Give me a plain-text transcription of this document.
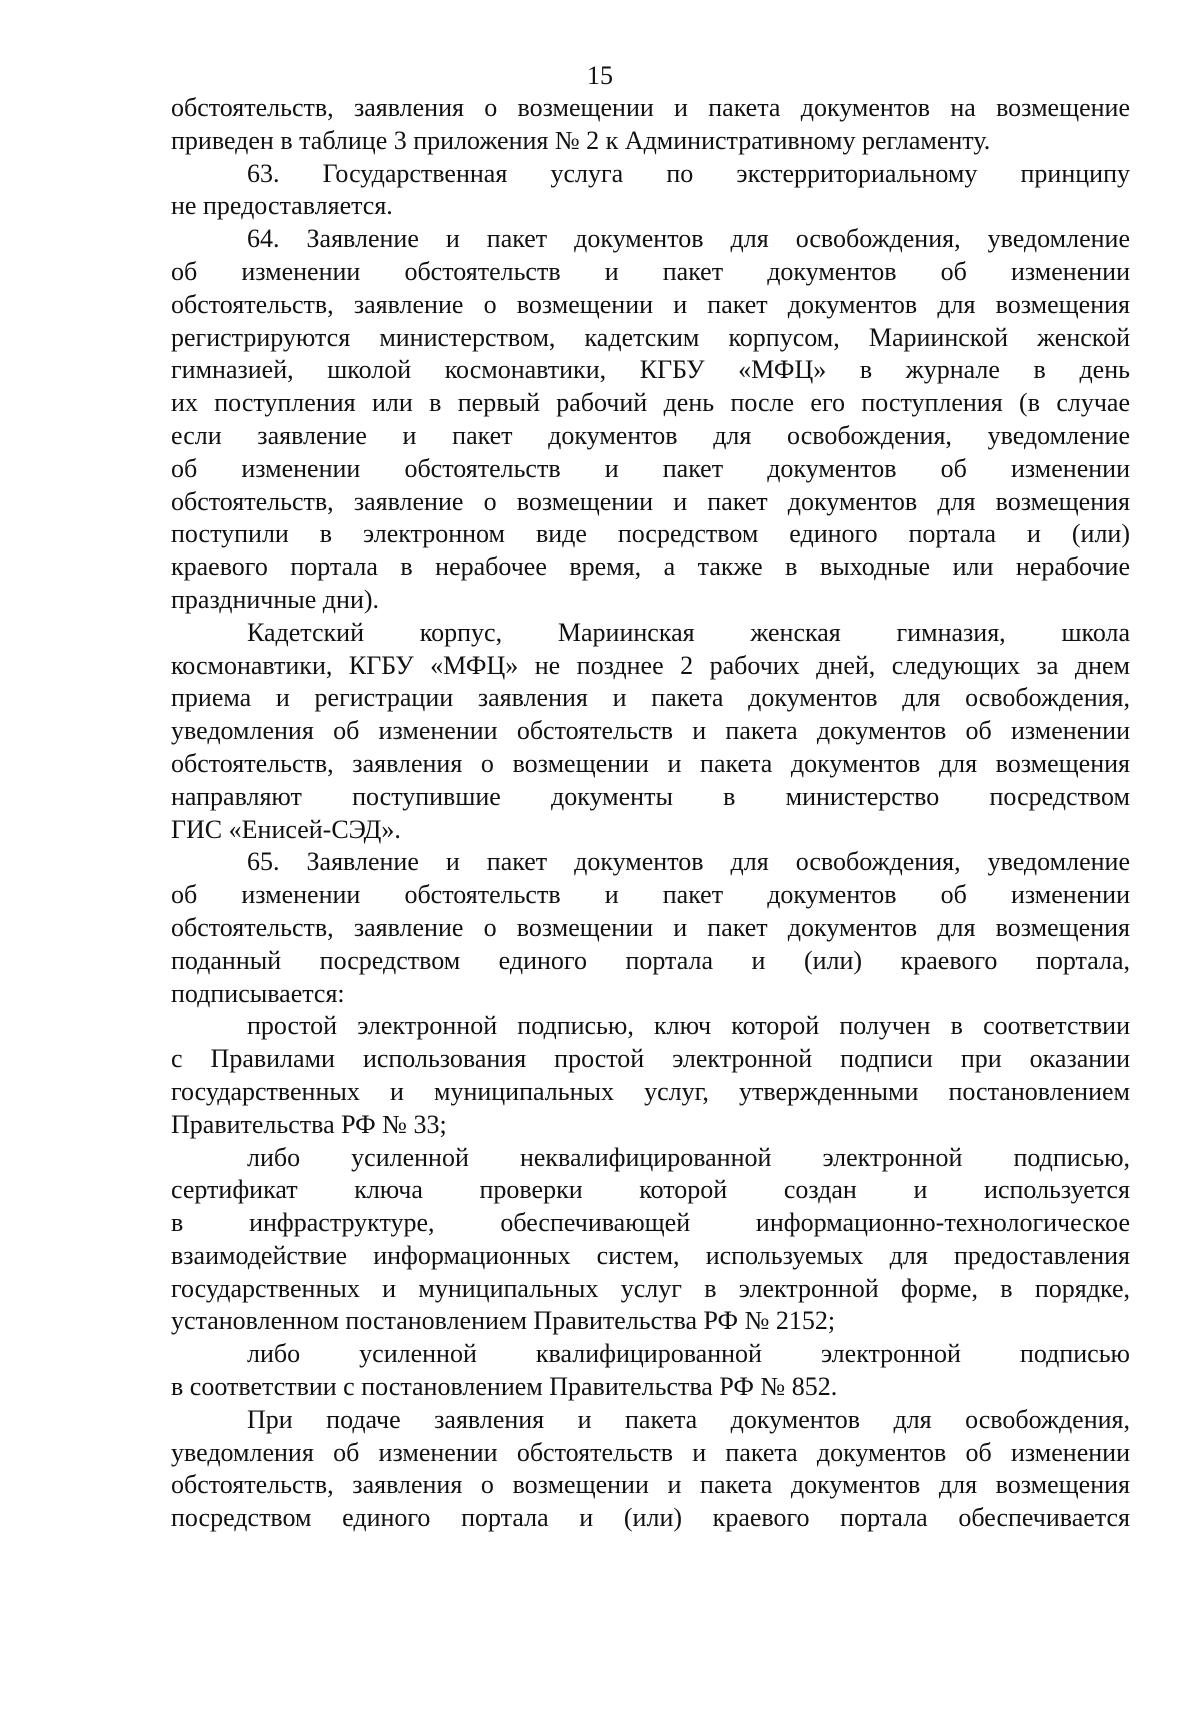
15
обстоятельств, заявления о возмещении и пакета документов на возмещение
приведен в таблице 3 приложения № 2 к Административному регламенту.
63. Государственная услуга по экстерриториальному принципу
не предоставляется.
64. Заявление и пакет документов для освобождения, уведомление
об изменении обстоятельств и пакет документов об изменении
обстоятельств, заявление о возмещении и пакет документов для возмещения
регистрируются министерством, кадетским корпусом, Мариинской женской
гимназией, школой космонавтики, КГБУ «МФЦ» в журнале в день
их поступления или в первый рабочий день после его поступления (в случае
если заявление и пакет документов для освобождения, уведомление
об изменении обстоятельств и пакет документов об изменении
обстоятельств, заявление о возмещении и пакет документов для возмещения
поступили в электронном виде посредством единого портала и (или)
краевого портала в нерабочее время, а также в выходные или нерабочие
праздничные дни).
Кадетский корпус, Мариинская женская гимназия, школа
космонавтики, КГБУ «МФЦ» не позднее 2 рабочих дней, следующих за днем
приема и регистрации заявления и пакета документов для освобождения,
уведомления об изменении обстоятельств и пакета документов об изменении
обстоятельств, заявления о возмещении и пакета документов для возмещения
направляют поступившие документы в министерство посредством
ГИС «Енисей-СЭД».
65. Заявление и пакет документов для освобождения, уведомление
об изменении обстоятельств и пакет документов об изменении
обстоятельств, заявление о возмещении и пакет документов для возмещения
поданный посредством единого портала и (или) краевого портала,
подписывается:
простой электронной подписью, ключ которой получен в соответствии
с Правилами использования простой электронной подписи при оказании
государственных и муниципальных услуг, утвержденными постановлением
Правительства РФ № 33;
либо усиленной неквалифицированной электронной подписью,
сертификат ключа проверки которой создан и используется
в инфраструктуре, обеспечивающей информационно-технологическое
взаимодействие информационных систем, используемых для предоставления
государственных и муниципальных услуг в электронной форме, в порядке,
установленном постановлением Правительства РФ № 2152;
либо усиленной квалифицированной электронной подписью
в соответствии с постановлением Правительства РФ № 852.
При подаче заявления и пакета документов для освобождения,
уведомления об изменении обстоятельств и пакета документов об изменении
обстоятельств, заявления о возмещении и пакета документов для возмещения
посредством единого портала и (или) краевого портала обеспечивается
